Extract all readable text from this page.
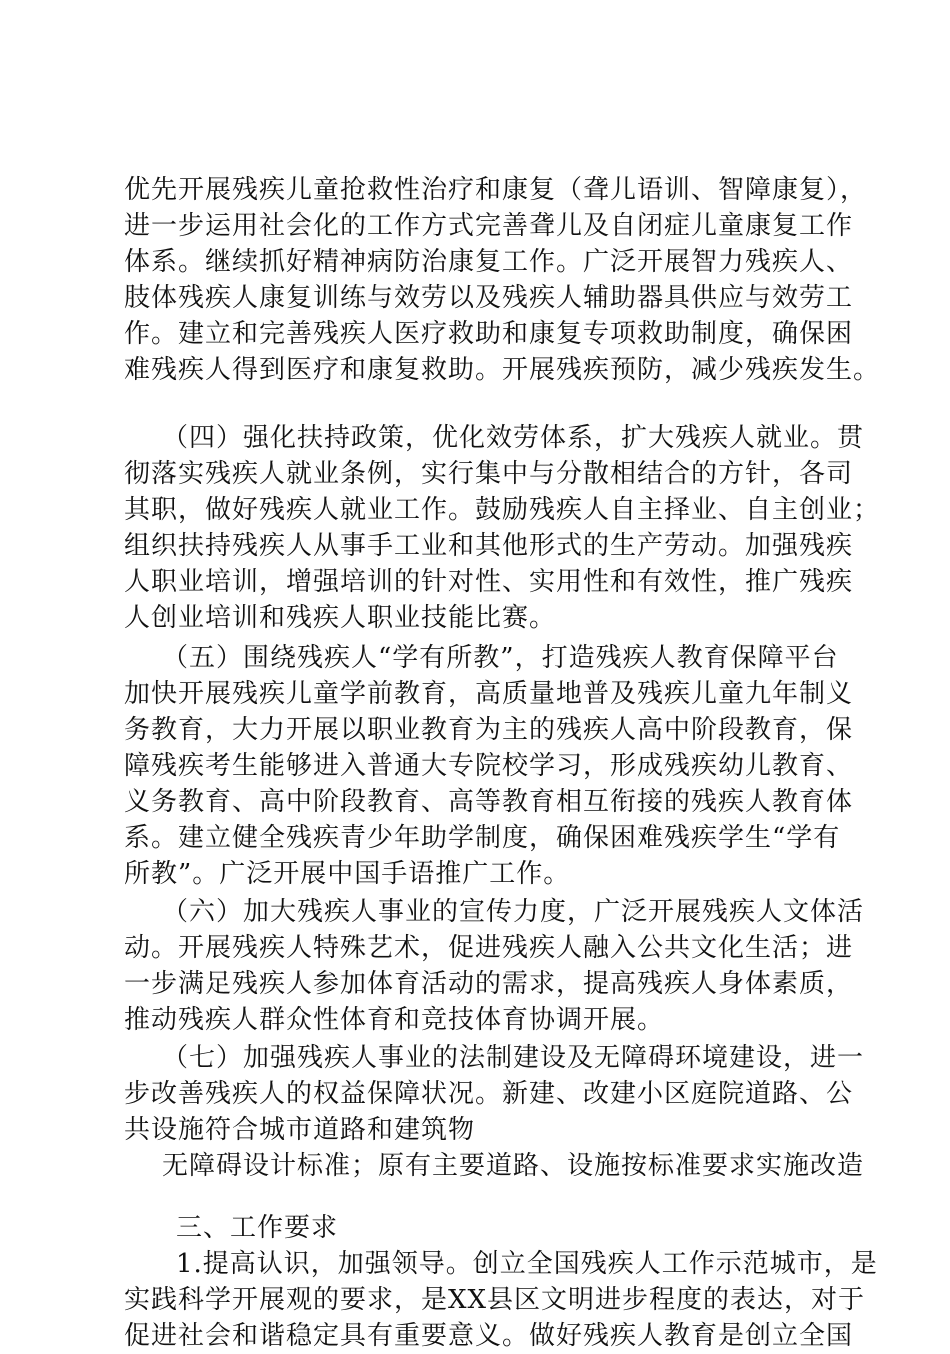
优先开展残疾儿童抢救性治疗和康复（聋儿语训、智障康复），
进一步运用社会化的工作方式完善聋儿及自闭症儿童康复工作
体系。继续抓好精神病防治康复工作。广泛开展智力残疾人、
肢体残疾人康复训练与效劳以及残疾人辅助器具供应与效劳工
作。建立和完善残疾人医疗救助和康复专项救助制度，确保困
难残疾人得到医疗和康复救助。开展残疾预防，减少残疾发生。
（四）强化扶持政策，优化效劳体系，扩大残疾人就业。贯
彻落实残疾人就业条例，实行集中与分散相结合的方针，各司
其职，做好残疾人就业工作。鼓励残疾人自主择业、自主创业；
组织扶持残疾人从事手工业和其他形式的生产劳动。加强残疾
人职业培训，增强培训的针对性、实用性和有效性，推广残疾
人创业培训和残疾人职业技能比赛。
（五）围绕残疾人“学有所教”，打造残疾人教育保障平台
加快开展残疾儿童学前教育，高质量地普及残疾儿童九年制义
务教育，大力开展以职业教育为主的残疾人高中阶段教育，保
障残疾考生能够进入普通大专院校学习，形成残疾幼儿教育、
义务教育、高中阶段教育、高等教育相互衔接的残疾人教育体
系。建立健全残疾青少年助学制度，确保困难残疾学生“学有
所教”。广泛开展中国手语推广工作。
（六）加大残疾人事业的宣传力度，广泛开展残疾人文体活
动。开展残疾人特殊艺术，促进残疾人融入公共文化生活；进
一步满足残疾人参加体育活动的需求，提高残疾人身体素质，
推动残疾人群众性体育和竞技体育协调开展。
（七）加强残疾人事业的法制建设及无障碍环境建设，进一
步改善残疾人的权益保障状况。新建、改建小区庭院道路、公
共设施符合城市道路和建筑物
无障碍设计标准；原有主要道路、设施按标准要求实施改造
三、工作要求
1.提高认识，加强领导。创立全国残疾人工作示范城市，是
实践科学开展观的要求，是XX县区文明进步程度的表达，对于
促进社会和谐稳定具有重要意义。做好残疾人教育是创立全国
